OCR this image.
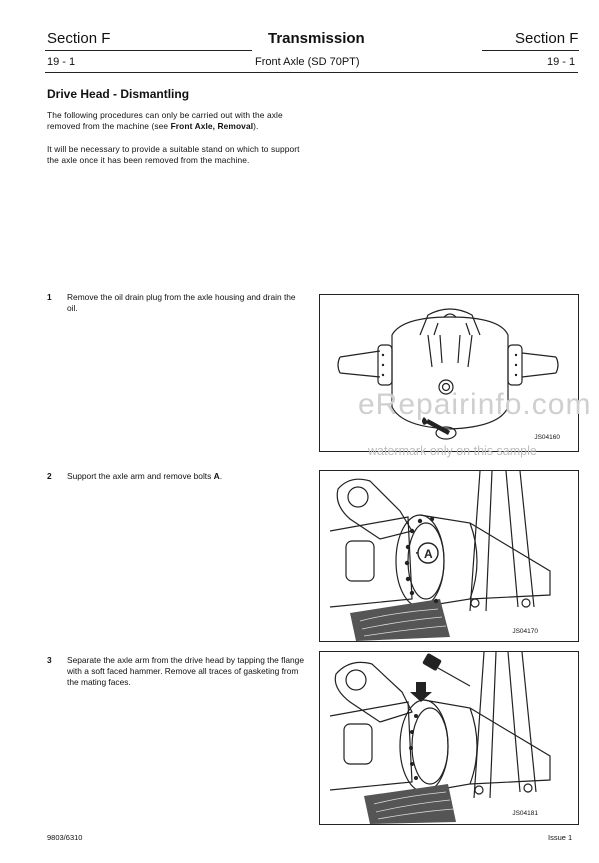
Section F	Transmission	Section F
19 - 1	Front Axle (SD 70PT)	19 - 1
Drive Head - Dismantling
The following procedures can only be carried out with the axle removed from the machine (see Front Axle, Removal).
It will be necessary to provide a suitable stand on which to support the axle once it has been removed from the machine.
1 Remove the oil drain plug from the axle housing and drain the oil.
JS04160
eRepairinfo.com
watermark only on this sample
2 Support the axle arm and remove bolts A.
A
JS04170
3 Separate the axle arm from the drive head by tapping the flange with a soft faced hammer. Remove all traces of gasketing from the mating faces.
JS04181
9803/6310	Issue 1
